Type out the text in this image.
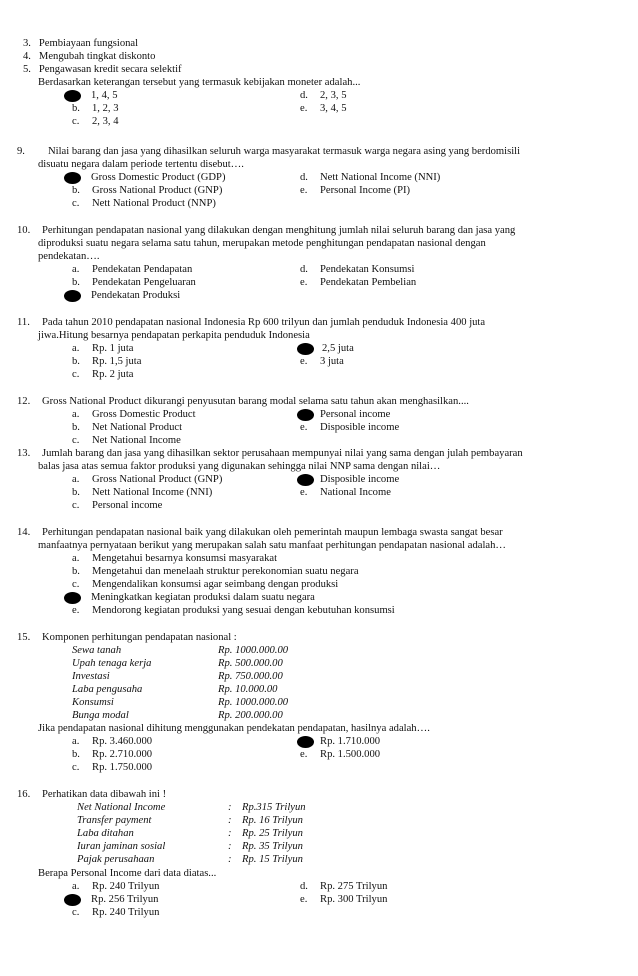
3. Pembiayaan fungsional
4. Mengubah tingkat diskonto
5. Pengawasan kredit secara selektif
Berdasarkan keterangan tersebut yang termasuk kebijakan moneter adalah...
1, 4, 5
b. 1, 2, 3
c. 2, 3, 4
d. 2, 3, 5
e. 3, 4, 5
9. Nilai barang dan jasa yang dihasilkan seluruh warga masyarakat termasuk warga negara asing yang berdomisili
disuatu negara dalam periode tertentu disebut….
Gross Domestic Product (GDP)
b. Gross National Product (GNP)
c. Nett National Product (NNP)
d. Nett National Income (NNI)
e. Personal Income (PI)
10. Perhitungan pendapatan nasional yang dilakukan dengan menghitung jumlah nilai seluruh barang dan jasa yang
diproduksi suatu negara selama satu tahun, merupakan metode penghitungan pendapatan nasional dengan
pendekatan….
a. Pendekatan Pendapatan
b. Pendekatan Pengeluaran
Pendekatan Produksi
d. Pendekatan Konsumsi
e. Pendekatan Pembelian
11. Pada tahun 2010 pendapatan nasional Indonesia Rp 600 trilyun dan jumlah penduduk Indonesia 400 juta
jiwa.Hitung besarnya pendapatan perkapita penduduk Indonesia
a. Rp. 1 juta
b. Rp. 1,5 juta
c. Rp. 2 juta
2,5 juta
e. 3 juta
12. Gross National Product dikurangi penyusutan barang modal selama satu tahun akan menghasilkan....
a. Gross Domestic Product
b. Net National Product
c. Net National Income
Personal income
e. Disposible income
13. Jumlah barang dan jasa yang dihasilkan sektor perusahaan mempunyai nilai yang sama dengan julah pembayaran
balas jasa atas semua faktor produksi yang digunakan sehingga nilai NNP sama dengan nilai…
a. Gross National Product (GNP)
b. Nett National Income (NNI)
c. Personal income
Disposible income
e. National Income
14. Perhitungan pendapatan nasional baik yang dilakukan oleh pemerintah maupun lembaga swasta sangat besar
manfaatnya pernyataan berikut yang merupakan salah satu manfaat perhitungan pendapatan nasional adalah…
a. Mengetahui besarnya konsumsi masyarakat
b. Mengetahui dan menelaah struktur perekonomian suatu negara
c. Mengendalikan konsumsi agar seimbang dengan produksi
Meningkatkan kegiatan produksi dalam suatu negara
e. Mendorong kegiatan produksi yang sesuai dengan kebutuhan konsumsi
15. Komponen perhitungan pendapatan nasional :
Sewa tanah	Rp. 1000.000.00
Upah tenaga kerja	Rp. 500.000.00
Investasi	Rp. 750.000.00
Laba pengusaha	Rp. 10.000.00
Konsumsi	Rp. 1000.000.00
Bunga modal	Rp. 200.000.00
Jika pendapatan nasional dihitung menggunakan pendekatan pendapatan, hasilnya adalah….
a. Rp. 3.460.000
b. Rp. 2.710.000
c. Rp. 1.750.000
Rp. 1.710.000
e. Rp. 1.500.000
16. Perhatikan data dibawah ini !
Net National Income	: Rp.315 Trilyun
Transfer payment	: Rp. 16 Trilyun
Laba ditahan	: Rp. 25 Trilyun
Iuran jaminan sosial	: Rp. 35 Trilyun
Pajak perusahaan	: Rp. 15 Trilyun
Berapa Personal Income dari data diatas...
a. Rp. 240 Trilyun
Rp. 256 Trilyun
c. Rp. 240 Trilyun
d. Rp. 275 Trilyun
e. Rp. 300 Trilyun
